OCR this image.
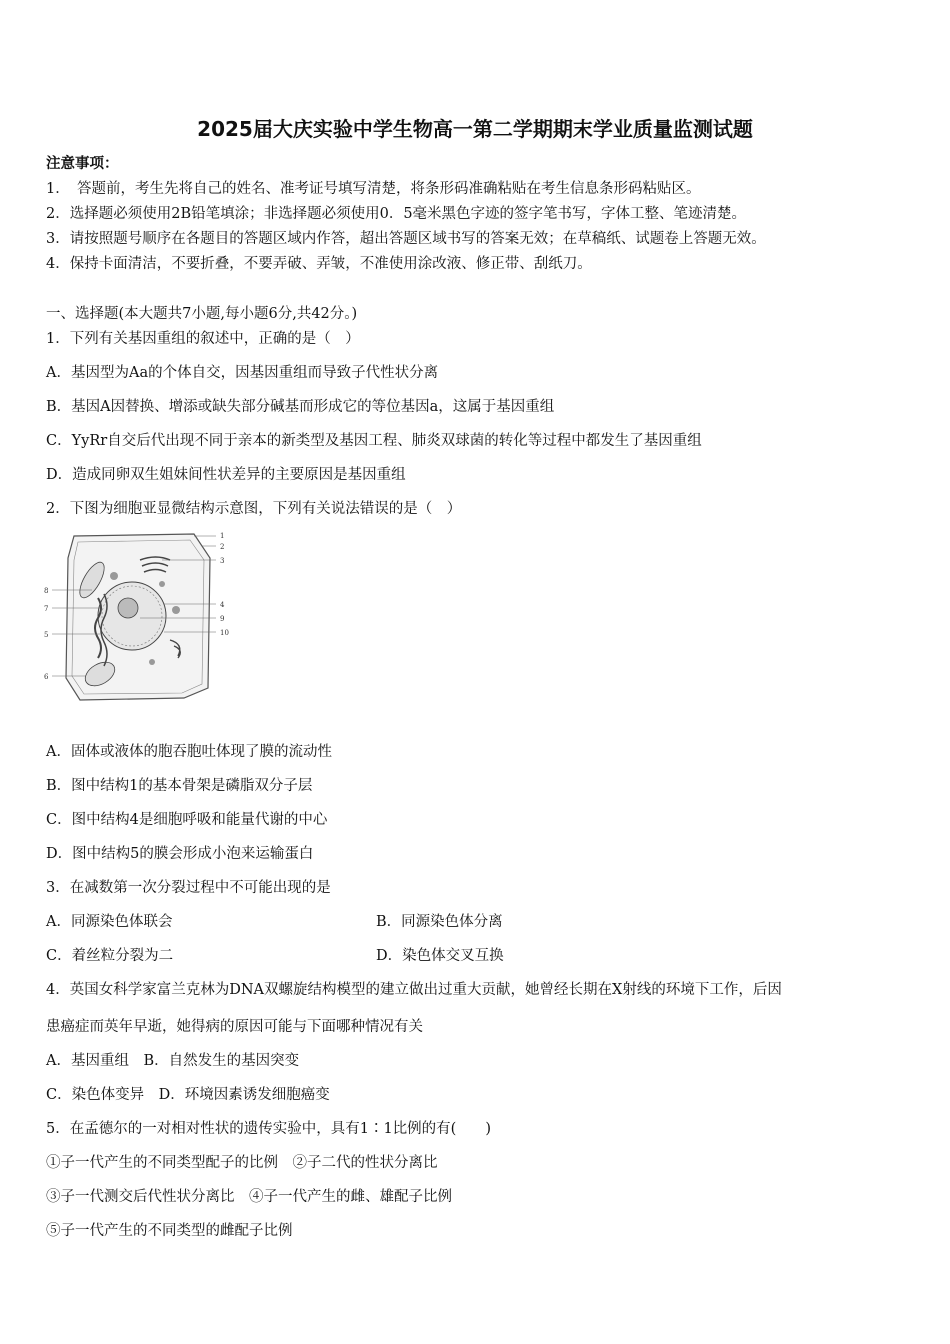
2025届大庆实验中学生物高一第二学期期末学业质量监测试题
注意事项：
1．　答题前，考生先将自己的姓名、准考证号填写清楚，将条形码准确粘贴在考生信息条形码粘贴区。
2．选择题必须使用2B铅笔填涂；非选择题必须使用0．5毫米黑色字迹的签字笔书写，字体工整、笔迹清楚。
3．请按照题号顺序在各题目的答题区域内作答，超出答题区域书写的答案无效；在草稿纸、试题卷上答题无效。
4．保持卡面清洁，不要折叠，不要弄破、弄皱，不准使用涂改液、修正带、刮纸刀。
一、选择题(本大题共7小题,每小题6分,共42分。)
1．下列有关基因重组的叙述中，正确的是（　）
A．基因型为Aa的个体自交，因基因重组而导致子代性状分离
B．基因A因替换、增添或缺失部分碱基而形成它的等位基因a，这属于基因重组
C．YyRr自交后代出现不同于亲本的新类型及基因工程、肺炎双球菌的转化等过程中都发生了基因重组
D．造成同卵双生姐妹间性状差异的主要原因是基因重组
2．下图为细胞亚显微结构示意图，下列有关说法错误的是（　）
1
2
3
4
9
10
8
7
5
6
A．固体或液体的胞吞胞吐体现了膜的流动性
B．图中结构1的基本骨架是磷脂双分子层
C．图中结构4是细胞呼吸和能量代谢的中心
D．图中结构5的膜会形成小泡来运输蛋白
3．在减数第一次分裂过程中不可能出现的是
A．同源染色体联会	B．同源染色体分离
C．着丝粒分裂为二	D．染色体交叉互换
4．英国女科学家富兰克林为DNA双螺旋结构模型的建立做出过重大贡献，她曾经长期在X射线的环境下工作，后因
患癌症而英年早逝，她得病的原因可能与下面哪种情况有关
A．基因重组　B．自然发生的基因突变
C．染色体变异　D．环境因素诱发细胞癌变
5．在孟德尔的一对相对性状的遗传实验中，具有1∶1比例的有(　　)
①子一代产生的不同类型配子的比例　②子二代的性状分离比
③子一代测交后代性状分离比　④子一代产生的雌、雄配子比例
⑤子一代产生的不同类型的雌配子比例
